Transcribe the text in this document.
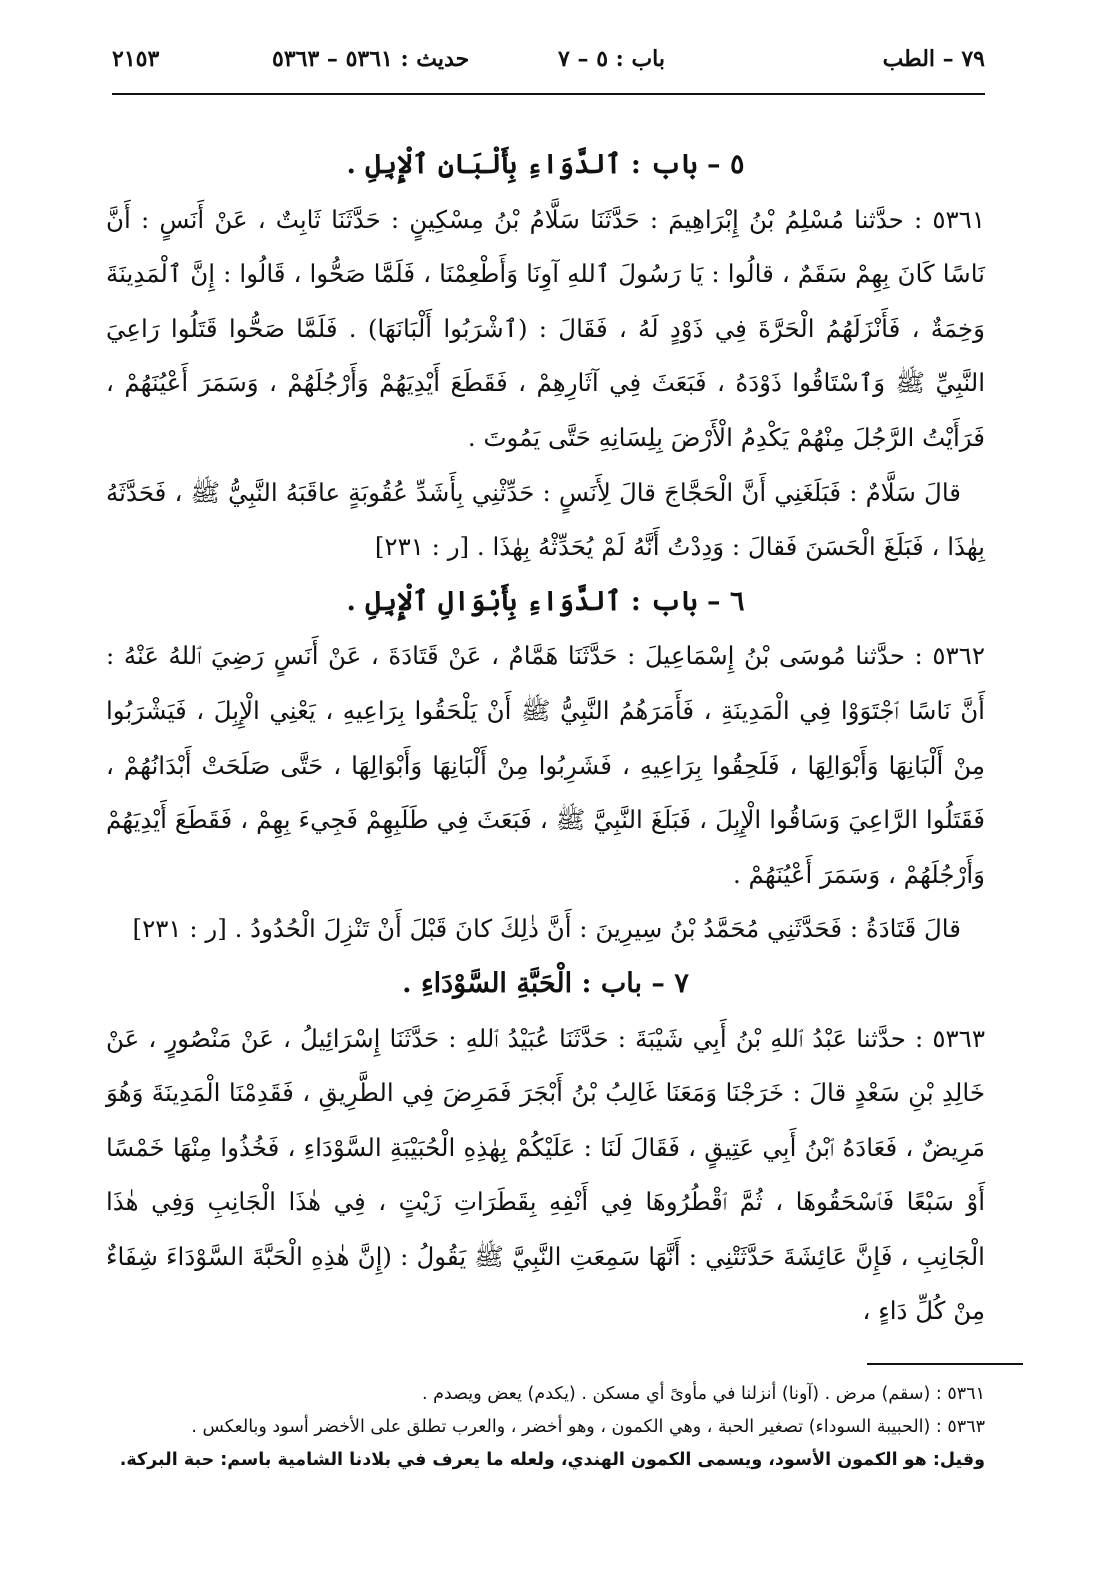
٧٩ – الطب
باب : ٥ – ٧
حديث : ٥٣٦١ – ٥٣٦٣
٢١٥٣

٥ – باب : ٱلدَّوَاءِ بِأَلْبَانِ ٱلْإِبِلِ .

٥٣٦١ : حدَّثنا مُسْلِمُ بْنُ إِبْرَاهِيمَ : حَدَّثَنَا سَلَّامُ بْنُ مِسْكِينٍ : حَدَّثَنَا ثَابِتٌ ، عَنْ أَنَسٍ : أَنَّ نَاسًا كَانَ بِهِمْ سَقَمٌ ، قالُوا : يَا رَسُولَ ٱللهِ آوِنَا وَأَطْعِمْنَا ، فَلَمَّا صَحُّوا ، قَالُوا : إِنَّ ٱلْمَدِينَةَ وَخِمَةٌ ، فَأَنْزَلَهُمُ الْحَرَّةَ فِي ذَوْدٍ لَهُ ، فَقَالَ : (ٱشْرَبُوا أَلْبَانَهَا) . فَلَمَّا صَحُّوا قَتَلُوا رَاعِيَ النَّبِيِّ ﷺ وَٱسْتَاقُوا ذَوْدَهُ ، فَبَعَثَ فِي آثَارِهِمْ ، فَقَطَعَ أَيْدِيَهُمْ وَأَرْجُلَهُمْ ، وَسَمَرَ أَعْيُنَهُمْ ، فَرَأَيْتُ الرَّجُلَ مِنْهُمْ يَكْدِمُ الْأَرْضَ بِلِسَانِهِ حَتَّى يَمُوتَ .

قالَ سَلَّامٌ : فَبَلَغَنِي أَنَّ الْحَجَّاجَ قالَ لِأَنَسٍ : حَدِّثْنِي بِأَشَدِّ عُقُوبَةٍ عاقَبَهُ النَّبِيُّ ﷺ ، فَحَدَّثَهُ بِهٰذَا ، فَبَلَغَ الْحَسَنَ فَقالَ : وَدِدْتُ أَنَّهُ لَمْ يُحَدِّثْهُ بِهٰذَا . [ر : ٢٣١]

٦ – باب : ٱلدَّوَاءِ بِأَبْوَالِ ٱلْإِبِلِ .

٥٣٦٢ : حدَّثنا مُوسَى بْنُ إِسْمَاعِيلَ : حَدَّثَنَا هَمَّامٌ ، عَنْ قَتَادَةَ ، عَنْ أَنَسٍ رَضِيَ ٱللهُ عَنْهُ : أَنَّ نَاسًا ٱجْتَوَوْا فِي الْمَدِينَةِ ، فَأَمَرَهُمُ النَّبِيُّ ﷺ أَنْ يَلْحَقُوا بِرَاعِيهِ ، يَعْنِي الْإِبِلَ ، فَيَشْرَبُوا مِنْ أَلْبَانِهَا وَأَبْوَالِهَا ، فَلَحِقُوا بِرَاعِيهِ ، فَشَرِبُوا مِنْ أَلْبَانِهَا وَأَبْوَالِهَا ، حَتَّى صَلَحَتْ أَبْدَانُهُمْ ، فَقَتَلُوا الرَّاعِيَ وَسَاقُوا الْإِبِلَ ، فَبَلَغَ النَّبِيَّ ﷺ ، فَبَعَثَ فِي طَلَبِهِمْ فَجِيءَ بِهِمْ ، فَقَطَعَ أَيْدِيَهُمْ وَأَرْجُلَهُمْ ، وَسَمَرَ أَعْيُنَهُمْ .

قالَ قَتَادَةُ : فَحَدَّثَنِي مُحَمَّدُ بْنُ سِيرِينَ : أَنَّ ذٰلِكَ كانَ قَبْلَ أَنْ تَنْزِلَ الْحُدُودُ . [ر : ٢٣١]

٧ – باب : الْحَبَّةِ السَّوْدَاءِ .

٥٣٦٣ : حدَّثنا عَبْدُ ٱللهِ بْنُ أَبِي شَيْبَةَ : حَدَّثَنَا عُبَيْدُ ٱللهِ : حَدَّثَنَا إِسْرَائِيلُ ، عَنْ مَنْصُورٍ ، عَنْ خَالِدِ بْنِ سَعْدٍ قالَ : خَرَجْنَا وَمَعَنَا غَالِبُ بْنُ أَبْجَرَ فَمَرِضَ فِي الطَّرِيقِ ، فَقَدِمْنَا الْمَدِينَةَ وَهُوَ مَرِيضٌ ، فَعَادَهُ ٱبْنُ أَبِي عَتِيقٍ ، فَقَالَ لَنَا : عَلَيْكُمْ بِهٰذِهِ الْحُبَيْبَةِ السَّوْدَاءِ ، فَخُذُوا مِنْهَا خَمْسًا أَوْ سَبْعًا فَٱسْحَقُوهَا ، ثُمَّ ٱقْطُرُوهَا فِي أَنْفِهِ بِقَطَرَاتِ زَيْتٍ ، فِي هٰذَا الْجَانِبِ وَفِي هٰذَا الْجَانِبِ ، فَإِنَّ عَائِشَةَ حَدَّثَتْنِي : أَنَّهَا سَمِعَتِ النَّبِيَّ ﷺ يَقُولُ : (إِنَّ هٰذِهِ الْحَبَّةَ السَّوْدَاءَ شِفَاءٌ مِنْ كُلِّ دَاءٍ ،

٥٣٦١ : (سقم) مرض . (آونا) أنزلنا في مأوىً أي مسكن . (يكدم) يعض ويصدم .

٥٣٦٣ : (الحبيبة السوداء) تصغير الحبة ، وهي الكمون ، وهو أخضر ، والعرب تطلق على الأخضر أسود وبالعكس .

وقيل: هو الكمون الأسود، ويسمى الكمون الهندي، ولعله ما يعرف في بلادنا الشامية باسم: حبة البركة.
